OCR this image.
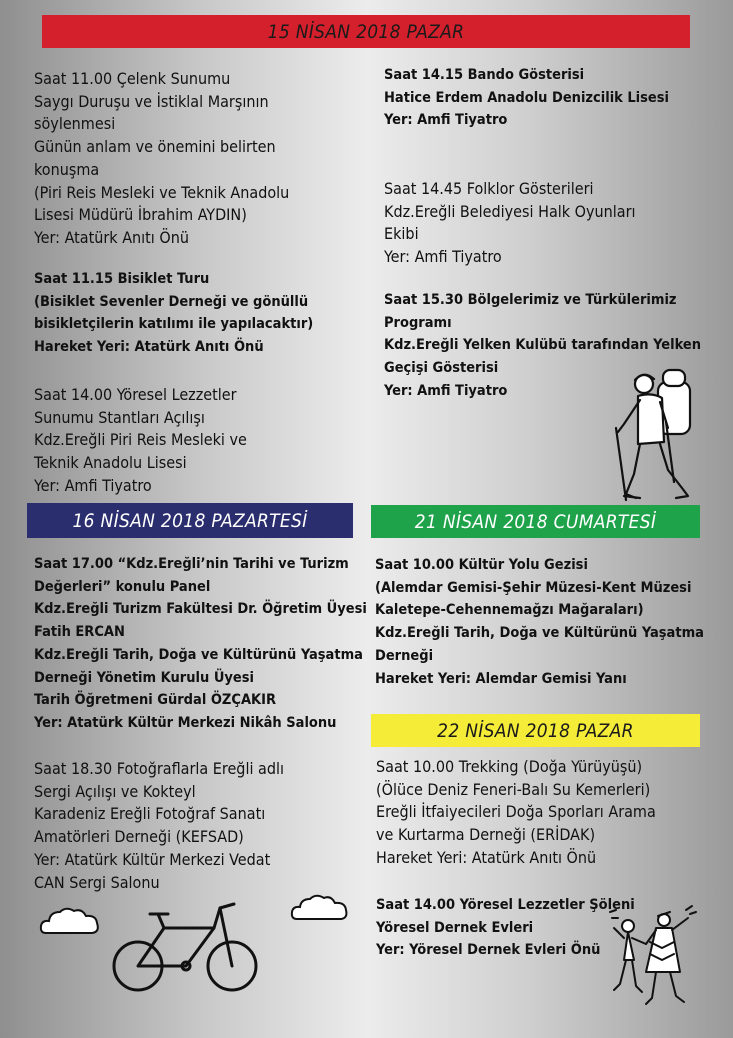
15 NİSAN 2018 PAZAR
16 NİSAN 2018 PAZARTESİ	21 NİSAN 2018 CUMARTESİ
22 NİSAN 2018 PAZAR
Saat 11.00 Çelenk Sunumu
Saygı Duruşu ve İstiklal Marşının
söylenmesi
Günün anlam ve önemini belirten
konuşma
(Piri Reis Mesleki ve Teknik Anadolu
Lisesi Müdürü İbrahim AYDIN)
Yer: Atatürk Anıtı Önü
Saat 11.15 Bisiklet Turu
(Bisiklet Sevenler Derneği ve gönüllü
bisikletçilerin katılımı ile yapılacaktır)
Hareket Yeri: Atatürk Anıtı Önü
Saat 14.00 Yöresel Lezzetler
Sunumu Stantları Açılışı
Kdz.Ereğli Piri Reis Mesleki ve
Teknik Anadolu Lisesi
Yer: Amfi Tiyatro
Saat 14.15 Bando Gösterisi
Hatice Erdem Anadolu Denizcilik Lisesi
Yer: Amfi Tiyatro
Saat 14.45 Folklor Gösterileri
Kdz.Ereğli Belediyesi Halk Oyunları
Ekibi
Yer: Amfi Tiyatro
Saat 15.30 Bölgelerimiz ve Türkülerimiz
Programı
Kdz.Ereğli Yelken Kulübü tarafından Yelken
Geçişi Gösterisi
Yer: Amfi Tiyatro
Saat 17.00 “Kdz.Ereğli’nin Tarihi ve Turizm
Değerleri” konulu Panel
Kdz.Ereğli Turizm Fakültesi Dr. Öğretim Üyesi
Fatih ERCAN
Kdz.Ereğli Tarih, Doğa ve Kültürünü Yaşatma
Derneği Yönetim Kurulu Üyesi
Tarih Öğretmeni Gürdal ÖZÇAKIR
Yer: Atatürk Kültür Merkezi Nikâh Salonu
Saat 18.30 Fotoğraflarla Ereğli adlı
Sergi Açılışı ve Kokteyl
Karadeniz Ereğli Fotoğraf Sanatı
Amatörleri Derneği (KEFSAD)
Yer: Atatürk Kültür Merkezi Vedat
CAN Sergi Salonu
Saat 10.00 Kültür Yolu Gezisi
(Alemdar Gemisi-Şehir Müzesi-Kent Müzesi
Kaletepe-Cehennemağzı Mağaraları)
Kdz.Ereğli Tarih, Doğa ve Kültürünü Yaşatma
Derneği
Hareket Yeri: Alemdar Gemisi Yanı
Saat 10.00 Trekking (Doğa Yürüyüşü)
(Ölüce Deniz Feneri-Balı Su Kemerleri)
Ereğli İtfaiyecileri Doğa Sporları Arama
ve Kurtarma Derneği (ERİDAK)
Hareket Yeri: Atatürk Anıtı Önü
Saat 14.00 Yöresel Lezzetler Şöleni
Yöresel Dernek Evleri
Yer: Yöresel Dernek Evleri Önü
